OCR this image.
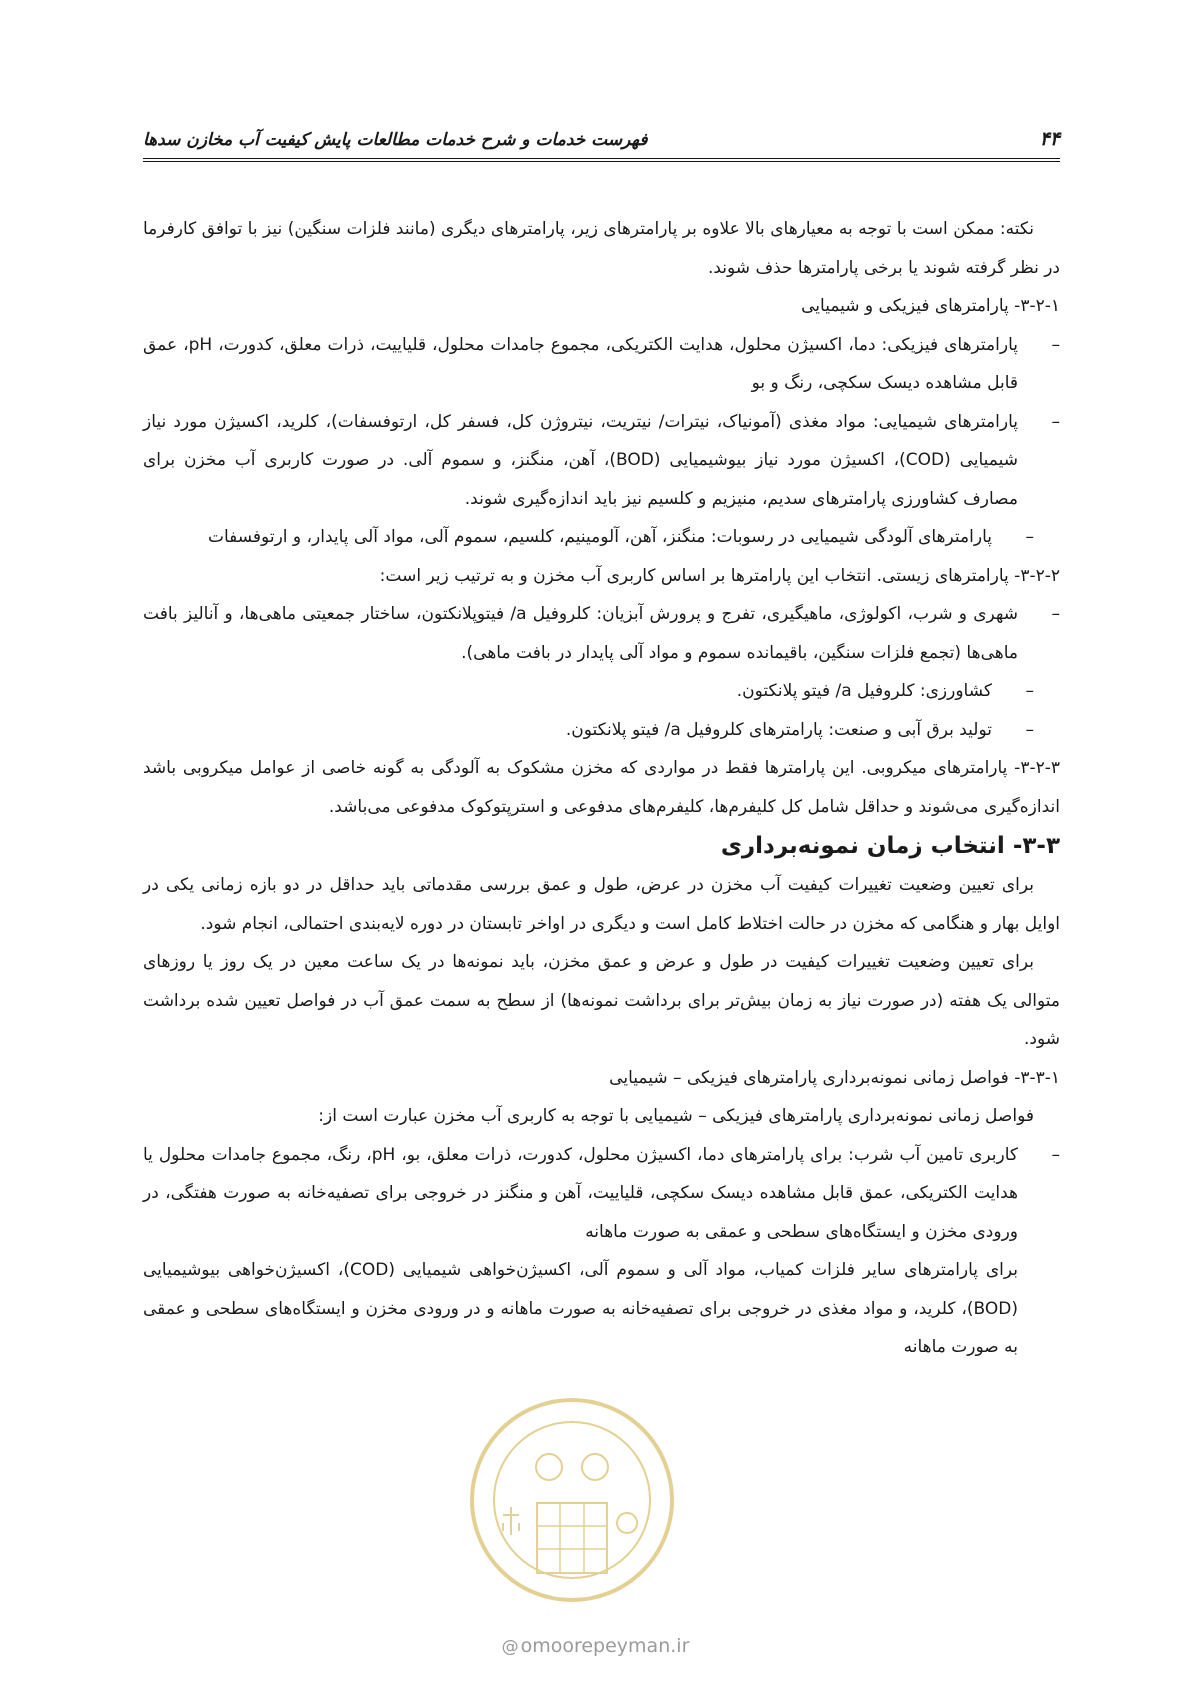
فهرست خدمات و شرح خدمات مطالعات پایش کیفیت آب مخازن سدها	۴۴

نکته: ممکن است با توجه به معیارهای بالا علاوه بر پارامترهای زیر، پارامترهای دیگری (مانند فلزات سنگین) نیز با توافق کارفرما در نظر گرفته شوند یا برخی پارامترها حذف شوند.

۳-۲-۱- پارامترهای فیزیکی و شیمیایی

–

پارامترهای فیزیکی: دما، اکسیژن محلول، هدایت الکتریکی، مجموع جامدات محلول، قلیاییت، ذرات معلق، کدورت، pH، عمق قابل مشاهده دیسک سکچی، رنگ و بو

–

پارامترهای شیمیایی: مواد مغذی (آمونیاک، نیترات/ نیتریت، نیتروژن کل، فسفر کل، ارتوفسفات)، کلرید، اکسیژن مورد نیاز شیمیایی (COD)، اکسیژن مورد نیاز بیوشیمیایی (BOD)، آهن، منگنز، و سموم آلی. در صورت کاربری آب مخزن برای مصارف کشاورزی پارامترهای سدیم، منیزیم و کلسیم نیز باید اندازه‌گیری شوند.

–

پارامترهای آلودگی شیمیایی در رسوبات: منگنز، آهن، آلومینیم، کلسیم، سموم آلی، مواد آلی پایدار، و ارتوفسفات

۳-۲-۲- پارامترهای زیستی. انتخاب این پارامترها بر اساس کاربری آب مخزن و به ترتیب زیر است:

–

شهری و شرب، اکولوژی، ماهیگیری، تفرج و پرورش آبزیان: کلروفیل a/ فیتوپلانکتون، ساختار جمعیتی ماهی‌ها، و آنالیز بافت ماهی‌ها (تجمع فلزات سنگین، باقیمانده سموم و مواد آلی پایدار در بافت ماهی).

–

کشاورزی: کلروفیل a/ فیتو پلانکتون.

–

تولید برق آبی و صنعت: پارامترهای کلروفیل a/ فیتو پلانکتون.

۳-۲-۳- پارامترهای میکروبی. این پارامترها فقط در مواردی که مخزن مشکوک به آلودگی به گونه خاصی از عوامل میکروبی باشد اندازه‌گیری می‌شوند و حداقل شامل کل کلیفرم‌ها، کلیفرم‌های مدفوعی و استرپتوکوک مدفوعی می‌باشد.

۳-۳- انتخاب زمان نمونه‌برداری

برای تعیین وضعیت تغییرات کیفیت آب مخزن در عرض، طول و عمق بررسی مقدماتی باید حداقل در دو بازه زمانی یکی در اوایل بهار و هنگامی که مخزن در حالت اختلاط کامل است و دیگری در اواخر تابستان در دوره لایه‌بندی احتمالی، انجام شود.

برای تعیین وضعیت تغییرات کیفیت در طول و عرض و عمق مخزن، باید نمونه‌ها در یک ساعت معین در یک روز یا روزهای متوالی یک هفته (در صورت نیاز به زمان بیش‌تر برای برداشت نمونه‌ها) از سطح به سمت عمق آب در فواصل تعیین شده برداشت شود.

۳-۳-۱- فواصل زمانی نمونه‌برداری پارامترهای فیزیکی – شیمیایی

فواصل زمانی نمونه‌برداری پارامترهای فیزیکی – شیمیایی با توجه به کاربری آب مخزن عبارت است از:

–

کاربری تامین آب شرب: برای پارامترهای دما، اکسیژن محلول، کدورت، ذرات معلق، بو، pH، رنگ، مجموع جامدات محلول یا هدایت الکتریکی، عمق قابل مشاهده دیسک سکچی، قلیاییت، آهن و منگنز در خروجی برای تصفیه‌خانه به صورت هفتگی، در ورودی مخزن و ایستگاه‌های سطحی و عمقی به صورت ماهانه

برای پارامترهای سایر فلزات کمیاب، مواد آلی و سموم آلی، اکسیژن‌خواهی شیمیایی (COD)، اکسیژن‌خواهی بیوشیمیایی (BOD)، کلرید، و مواد مغذی در خروجی برای تصفیه‌خانه به صورت ماهانه و در ورودی مخزن و ایستگاه‌های سطحی و عمقی به صورت ماهانه

@ omoorepeyman.ir
